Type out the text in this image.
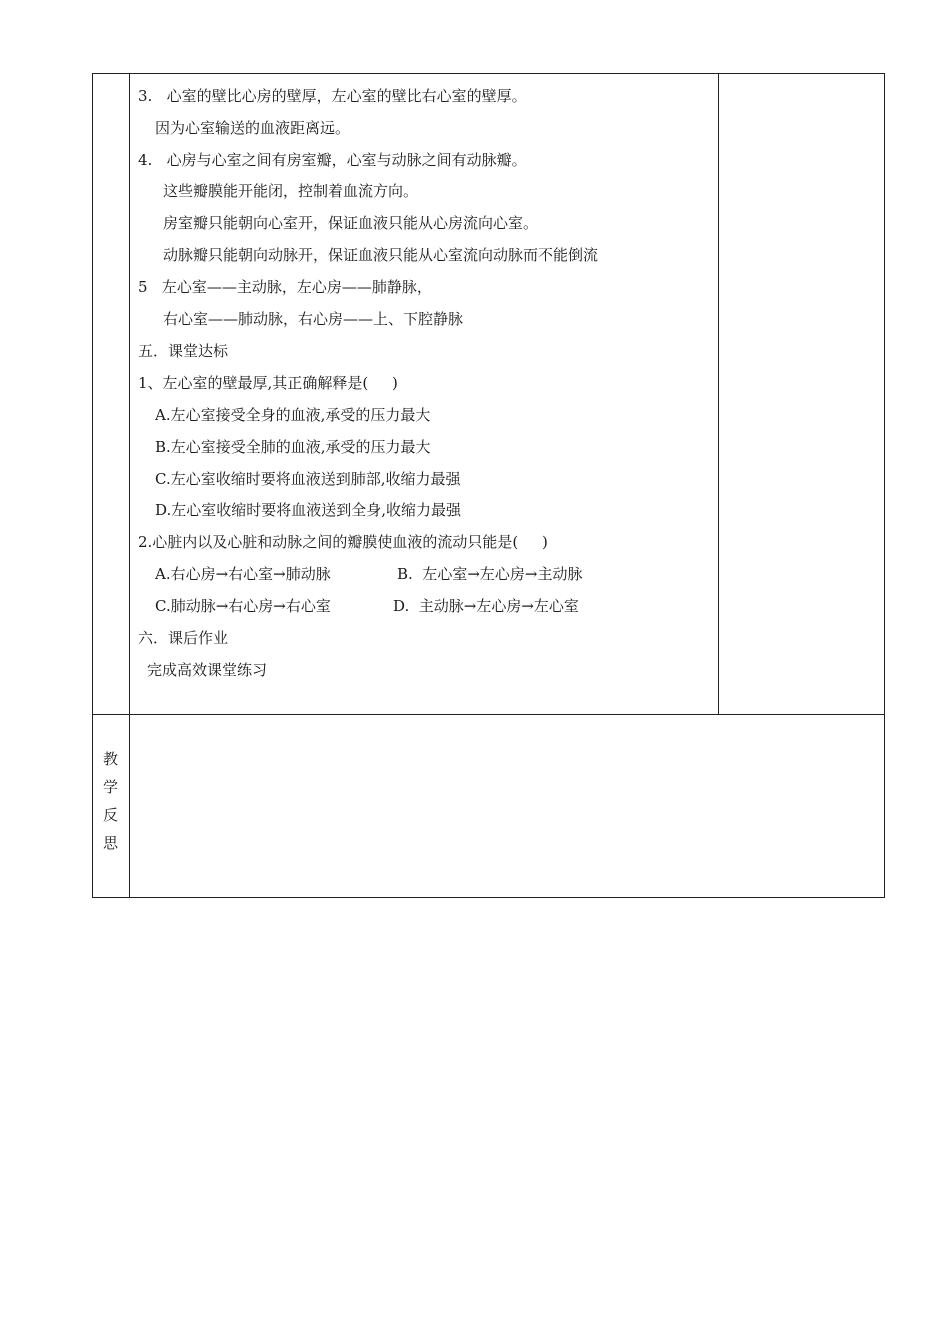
3.   心室的壁比心房的壁厚，左心室的壁比右心室的壁厚。
因为心室输送的血液距离远。
4.   心房与心室之间有房室瓣，心室与动脉之间有动脉瓣。
这些瓣膜能开能闭，控制着血流方向。
房室瓣只能朝向心室开，保证血液只能从心房流向心室。
动脉瓣只能朝向动脉开，保证血液只能从心室流向动脉而不能倒流
5   左心室——主动脉，左心房——肺静脉，
右心室——肺动脉，右心房——上、下腔静脉
五．课堂达标
1、左心室的壁最厚,其正确解释是(     )
A.左心室接受全身的血液,承受的压力最大
B.左心室接受全肺的血液,承受的压力最大
C.左心室收缩时要将血液送到肺部,收缩力最强
D.左心室收缩时要将血液送到全身,收缩力最强
2.心脏内以及心脏和动脉之间的瓣膜使血液的流动只能是(     )
A.右心房→右心室→肺动脉	B.  左心室→左心房→主动脉
C.肺动脉→右心房→右心室	D.  主动脉→左心房→左心室
六．课后作业
完成高效课堂练习
教
学
反
思
